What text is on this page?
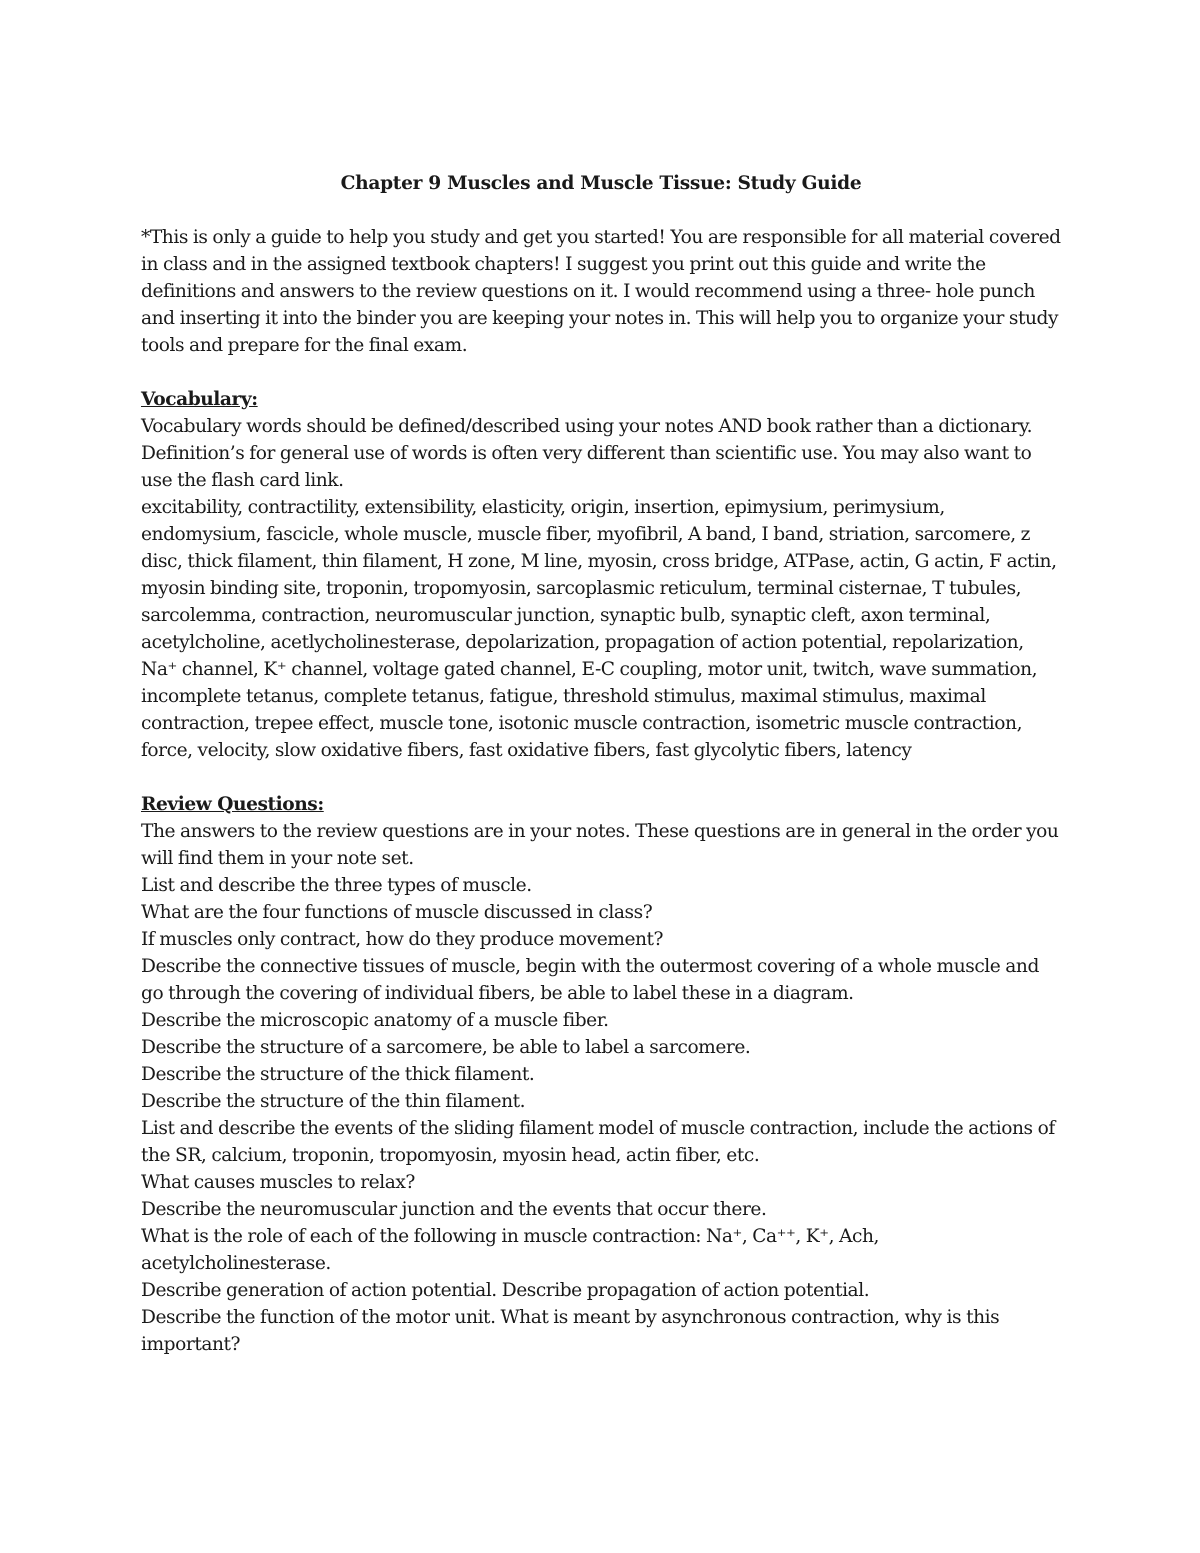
Chapter 9 Muscles and Muscle Tissue: Study Guide

*This is only a guide to help you study and get you started! You are responsible for all material covered in class and in the assigned textbook chapters! I suggest you print out this guide and write the definitions and answers to the review questions on it. I would recommend using a three- hole punch and inserting it into the binder you are keeping your notes in. This will help you to organize your study tools and prepare for the final exam.

Vocabulary:

Vocabulary words should be defined/described using your notes AND book rather than a dictionary. Definition’s for general use of words is often very different than scientific use. You may also want to use the flash card link.

excitability, contractility, extensibility, elasticity, origin, insertion, epimysium, perimysium, endomysium, fascicle, whole muscle, muscle fiber, myofibril, A band, I band, striation, sarcomere, z disc, thick filament, thin filament, H zone, M line, myosin, cross bridge, ATPase, actin, G actin, F actin, myosin binding site, troponin, tropomyosin, sarcoplasmic reticulum, terminal cisternae, T tubules, sarcolemma, contraction, neuromuscular junction, synaptic bulb, synaptic cleft, axon terminal, acetylcholine, acetlycholinesterase, depolarization, propagation of action potential, repolarization, Na⁺ channel, K⁺ channel, voltage gated channel, E-C coupling, motor unit, twitch, wave summation, incomplete tetanus, complete tetanus, fatigue, threshold stimulus, maximal stimulus, maximal contraction, trepee effect, muscle tone, isotonic muscle contraction, isometric muscle contraction, force, velocity, slow oxidative fibers, fast oxidative fibers, fast glycolytic fibers, latency

Review Questions:

The answers to the review questions are in your notes. These questions are in general in the order you will find them in your note set.

List and describe the three types of muscle.

What are the four functions of muscle discussed in class?

If muscles only contract, how do they produce movement?

Describe the connective tissues of muscle, begin with the outermost covering of a whole muscle and go through the covering of individual fibers, be able to label these in a diagram.

Describe the microscopic anatomy of a muscle fiber.

Describe the structure of a sarcomere, be able to label a sarcomere.

Describe the structure of the thick filament.

Describe the structure of the thin filament.

List and describe the events of the sliding filament model of muscle contraction, include the actions of the SR, calcium, troponin, tropomyosin, myosin head, actin fiber, etc.

What causes muscles to relax?

Describe the neuromuscular junction and the events that occur there.

What is the role of each of the following in muscle contraction: Na⁺, Ca⁺⁺, K⁺, Ach, acetylcholinesterase.

Describe generation of action potential. Describe propagation of action potential.

Describe the function of the motor unit. What is meant by asynchronous contraction, why is this important?
